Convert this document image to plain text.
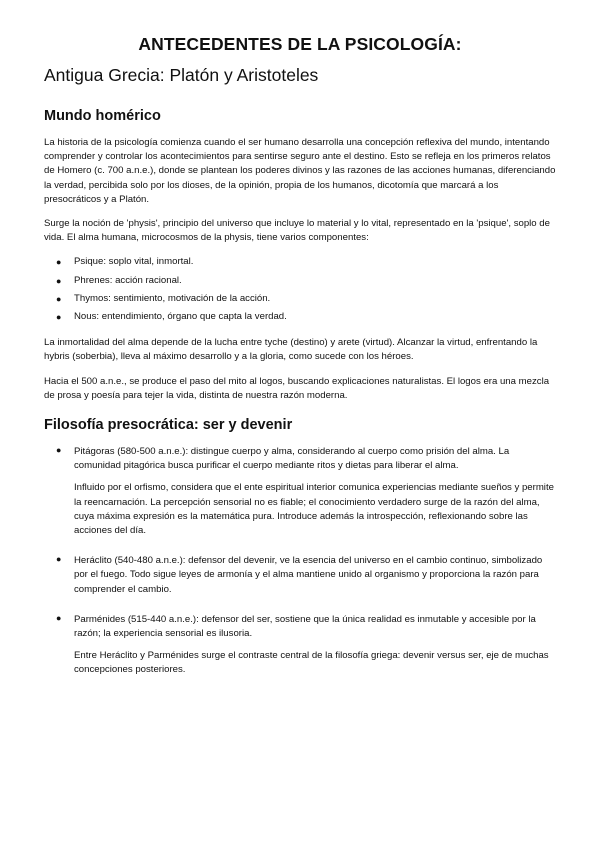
ANTECEDENTES DE LA PSICOLOGÍA:
Antigua Grecia: Platón y Aristoteles
Mundo homérico

La historia de la psicología comienza cuando el ser humano desarrolla una concepción reflexiva del mundo, intentando comprender y controlar los acontecimientos para sentirse seguro ante el destino. Esto se refleja en los primeros relatos de Homero (c. 700 a.n.e.), donde se plantean los poderes divinos y las razones de las acciones humanas, diferenciando la verdad, percibida solo por los dioses, de la opinión, propia de los humanos, dicotomía que marcará a los presocráticos y a Platón.

Surge la noción de 'physis', principio del universo que incluye lo material y lo vital, representado en la 'psique', soplo de vida. El alma humana, microcosmos de la physis, tiene varios componentes:

● Psique: soplo vital, inmortal.
● Phrenes: acción racional.
● Thymos: sentimiento, motivación de la acción.
● Nous: entendimiento, órgano que capta la verdad.

La inmortalidad del alma depende de la lucha entre tyche (destino) y arete (virtud). Alcanzar la virtud, enfrentando la hybris (soberbia), lleva al máximo desarrollo y a la gloria, como sucede con los héroes.

Hacia el 500 a.n.e., se produce el paso del mito al logos, buscando explicaciones naturalistas. El logos era una mezcla de prosa y poesía para tejer la vida, distinta de nuestra razón moderna.

Filosofía presocrática: ser y devenir
● Pitágoras (580-500 a.n.e.): distingue cuerpo y alma, considerando al cuerpo como prisión del alma. La comunidad pitagórica busca purificar el cuerpo mediante ritos y dietas para liberar el alma.

Influido por el orfismo, considera que el ente espiritual interior comunica experiencias mediante sueños y permite la reencarnación. La percepción sensorial no es fiable; el conocimiento verdadero surge de la razón del alma, cuya máxima expresión es la matemática pura. Introduce además la introspección, reflexionando sobre las acciones del día.

● Heráclito (540-480 a.n.e.): defensor del devenir, ve la esencia del universo en el cambio continuo, simbolizado por el fuego. Todo sigue leyes de armonía y el alma mantiene unido al organismo y proporciona la razón para comprender el cambio.

● Parménides (515-440 a.n.e.): defensor del ser, sostiene que la única realidad es inmutable y accesible por la razón; la experiencia sensorial es ilusoria.

Entre Heráclito y Parménides surge el contraste central de la filosofía griega: devenir versus ser, eje de muchas concepciones posteriores.
